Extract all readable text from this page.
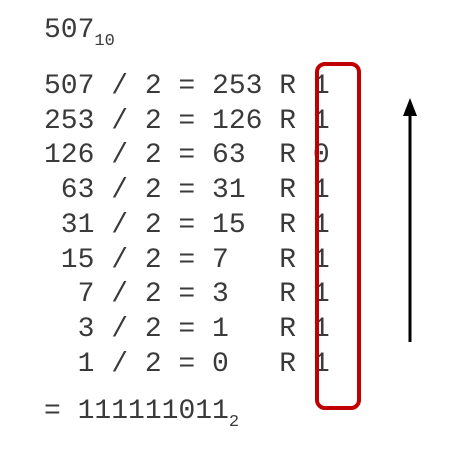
$507_{10}$
507 / 2 = 253 R 1
253 / 2 = 126 R 1
126 / 2 = 63  R 0
63 / 2 = 31  R 1
31 / 2 = 15  R 1
15 / 2 = 7   R 1
7 / 2 = 3   R 1
3 / 2 = 1   R 1
1 / 2 = 0   R 1
= $111111011_2$
